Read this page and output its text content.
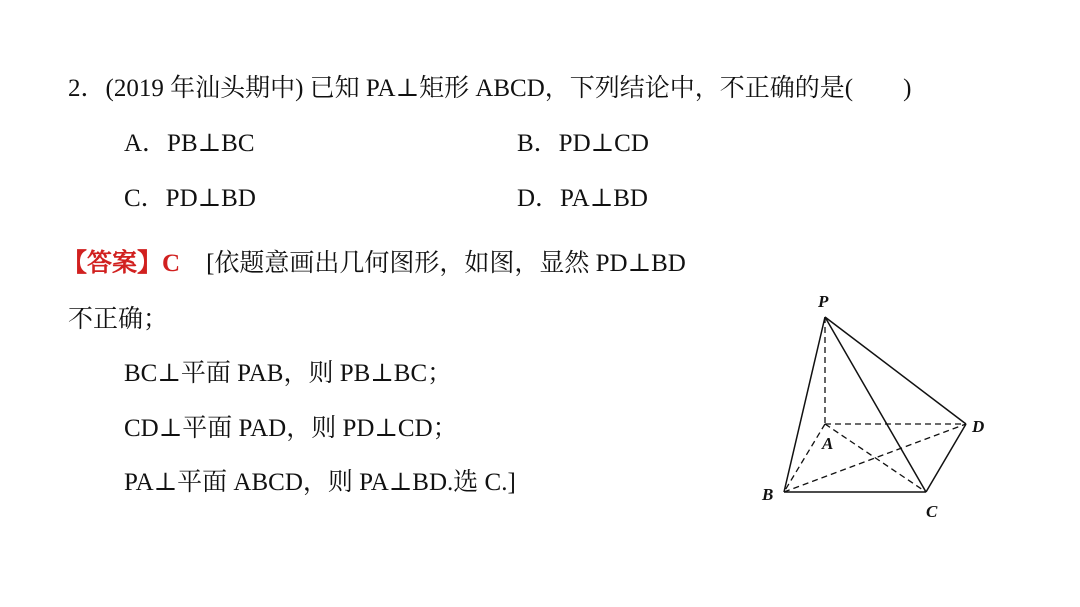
2．(2019 年汕头期中) 已知 PA⊥矩形 ABCD，下列结论中，不正确的是(　　)
A．PB⊥BC	B．PD⊥CD
C．PD⊥BD	D．PA⊥BD
【答案】C [依题意画出几何图形，如图，显然 PD⊥BD
不正确；
BC⊥平面 PAB，则 PB⊥BC；
CD⊥平面 PAD，则 PD⊥CD；
PA⊥平面 ABCD，则 PA⊥BD.选 C.]
P
A
B
C
D
